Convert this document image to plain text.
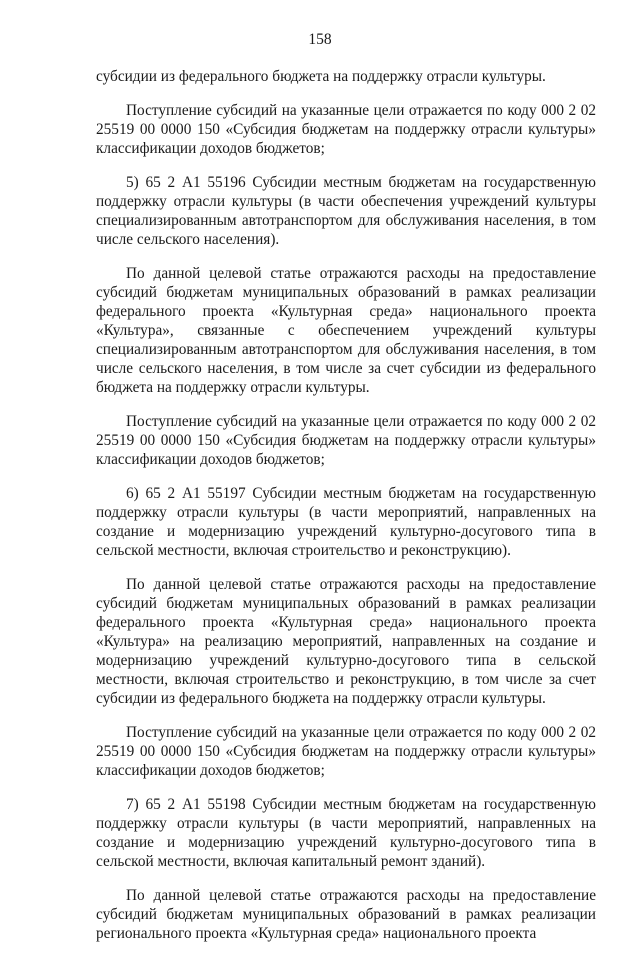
158

субсидии из федерального бюджета на поддержку отрасли культуры.

Поступление субсидий на указанные цели отражается по коду 000 2 02 25519 00 0000 150 «Субсидия бюджетам на поддержку отрасли культуры» классификации доходов бюджетов;

5) 65 2 А1 55196 Субсидии местным бюджетам на государственную поддержку отрасли культуры (в части обеспечения учреждений культуры специализированным автотранспортом для обслуживания населения, в том числе сельского населения).

По данной целевой статье отражаются расходы на предоставление субсидий бюджетам муниципальных образований в рамках реализации федерального проекта «Культурная среда» национального проекта «Культура», связанные с обеспечением учреждений культуры специализированным автотранспортом для обслуживания населения, в том числе сельского населения, в том числе за счет субсидии из федерального бюджета на поддержку отрасли культуры.

Поступление субсидий на указанные цели отражается по коду 000 2 02 25519 00 0000 150 «Субсидия бюджетам на поддержку отрасли культуры» классификации доходов бюджетов;

6) 65 2 А1 55197 Субсидии местным бюджетам на государственную поддержку отрасли культуры (в части мероприятий, направленных на создание и модернизацию учреждений культурно-досугового типа в сельской местности, включая строительство и реконструкцию).

По данной целевой статье отражаются расходы на предоставление субсидий бюджетам муниципальных образований в рамках реализации федерального проекта «Культурная среда» национального проекта «Культура» на реализацию мероприятий, направленных на создание и модернизацию учреждений культурно-досугового типа в сельской местности, включая строительство и реконструкцию, в том числе за счет субсидии из федерального бюджета на поддержку отрасли культуры.

Поступление субсидий на указанные цели отражается по коду 000 2 02 25519 00 0000 150 «Субсидия бюджетам на поддержку отрасли культуры» классификации доходов бюджетов;

7) 65 2 А1 55198 Субсидии местным бюджетам на государственную поддержку отрасли культуры (в части мероприятий, направленных на создание и модернизацию учреждений культурно-досугового типа в сельской местности, включая капитальный ремонт зданий).

По данной целевой статье отражаются расходы на предоставление субсидий бюджетам муниципальных образований в рамках реализации регионального проекта «Культурная среда» национального проекта
